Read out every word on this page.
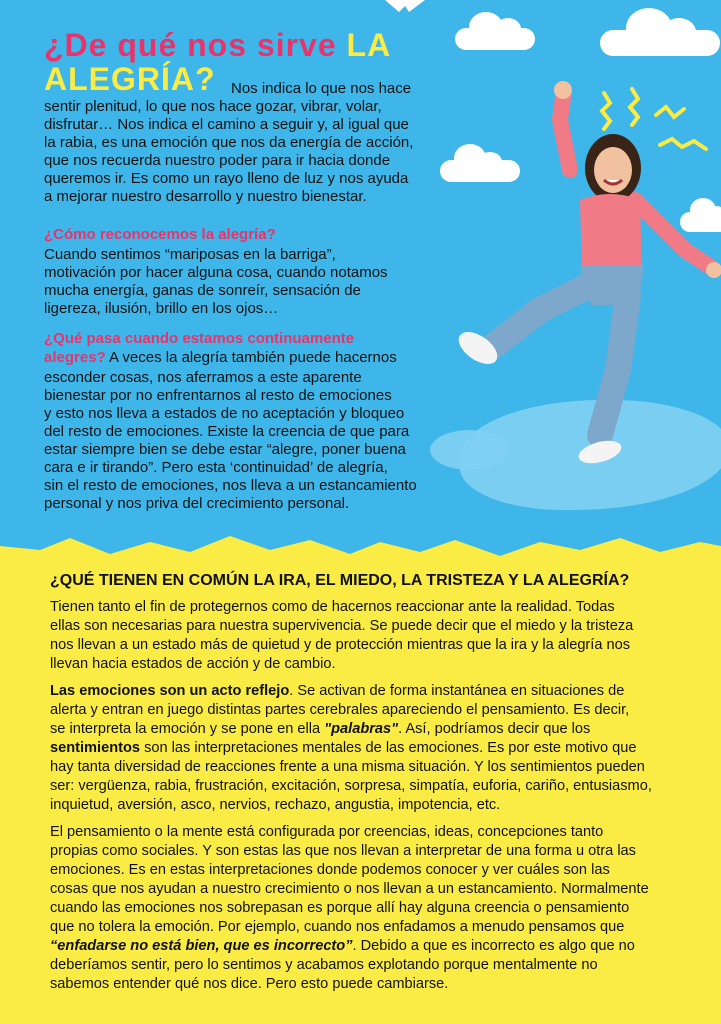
¿De qué nos sirve LA
ALEGRÍA?	Nos indica lo que nos hace

sentir plenitud, lo que nos hace gozar, vibrar, volar,

disfrutar… Nos indica el camino a seguir y, al igual que

la rabia, es una emoción que nos da energía de acción,

que nos recuerda nuestro poder para ir hacia donde

queremos ir. Es como un rayo lleno de luz y nos ayuda

a mejorar nuestro desarrollo y nuestro bienestar.

¿Cómo reconocemos la alegría?

Cuando sentimos “mariposas en la barriga”,

motivación por hacer alguna cosa, cuando notamos

mucha energía, ganas de sonreír, sensación de

ligereza, ilusión, brillo en los ojos…

¿Qué pasa cuando estamos continuamente

alegres? A veces la alegría también puede hacernos

esconder cosas, nos aferramos a este aparente

bienestar por no enfrentarnos al resto de emociones

y esto nos lleva a estados de no aceptación y bloqueo

del resto de emociones. Existe la creencia de que para

estar siempre bien se debe estar “alegre, poner buena

cara e ir tirando”. Pero esta ‘continuidad’ de alegría,

sin el resto de emociones, nos lleva a un estancamiento

personal y nos priva del crecimiento personal.

¿QUÉ TIENEN EN COMÚN LA IRA, EL MIEDO, LA TRISTEZA Y LA ALEGRÍA?

Tienen tanto el fin de protegernos como de hacernos reaccionar ante la realidad. Todas

ellas son necesarias para nuestra supervivencia. Se puede decir que el miedo y la tristeza

nos llevan a un estado más de quietud y de protección mientras que la ira y la alegría nos

llevan hacia estados de acción y de cambio.

Las emociones son un acto reflejo. Se activan de forma instantánea en situaciones de

alerta y entran en juego distintas partes cerebrales apareciendo el pensamiento. Es decir,

se interpreta la emoción y se pone en ella "palabras". Así, podríamos decir que los

sentimientos son las interpretaciones mentales de las emociones. Es por este motivo que

hay tanta diversidad de reacciones frente a una misma situación. Y los sentimientos pueden

ser: vergüenza, rabia, frustración, excitación, sorpresa, simpatía, euforia, cariño, entusiasmo,

inquietud, aversión, asco, nervios, rechazo, angustia, impotencia, etc.

El pensamiento o la mente está configurada por creencias, ideas, concepciones tanto

propias como sociales. Y son estas las que nos llevan a interpretar de una forma u otra las

emociones. Es en estas interpretaciones donde podemos conocer y ver cuáles son las

cosas que nos ayudan a nuestro crecimiento o nos llevan a un estancamiento. Normalmente

cuando las emociones nos sobrepasan es porque allí hay alguna creencia o pensamiento

que no tolera la emoción. Por ejemplo, cuando nos enfadamos a menudo pensamos que

“enfadarse no está bien, que es incorrecto”. Debido a que es incorrecto es algo que no

deberíamos sentir, pero lo sentimos y acabamos explotando porque mentalmente no

sabemos entender qué nos dice. Pero esto puede cambiarse.
